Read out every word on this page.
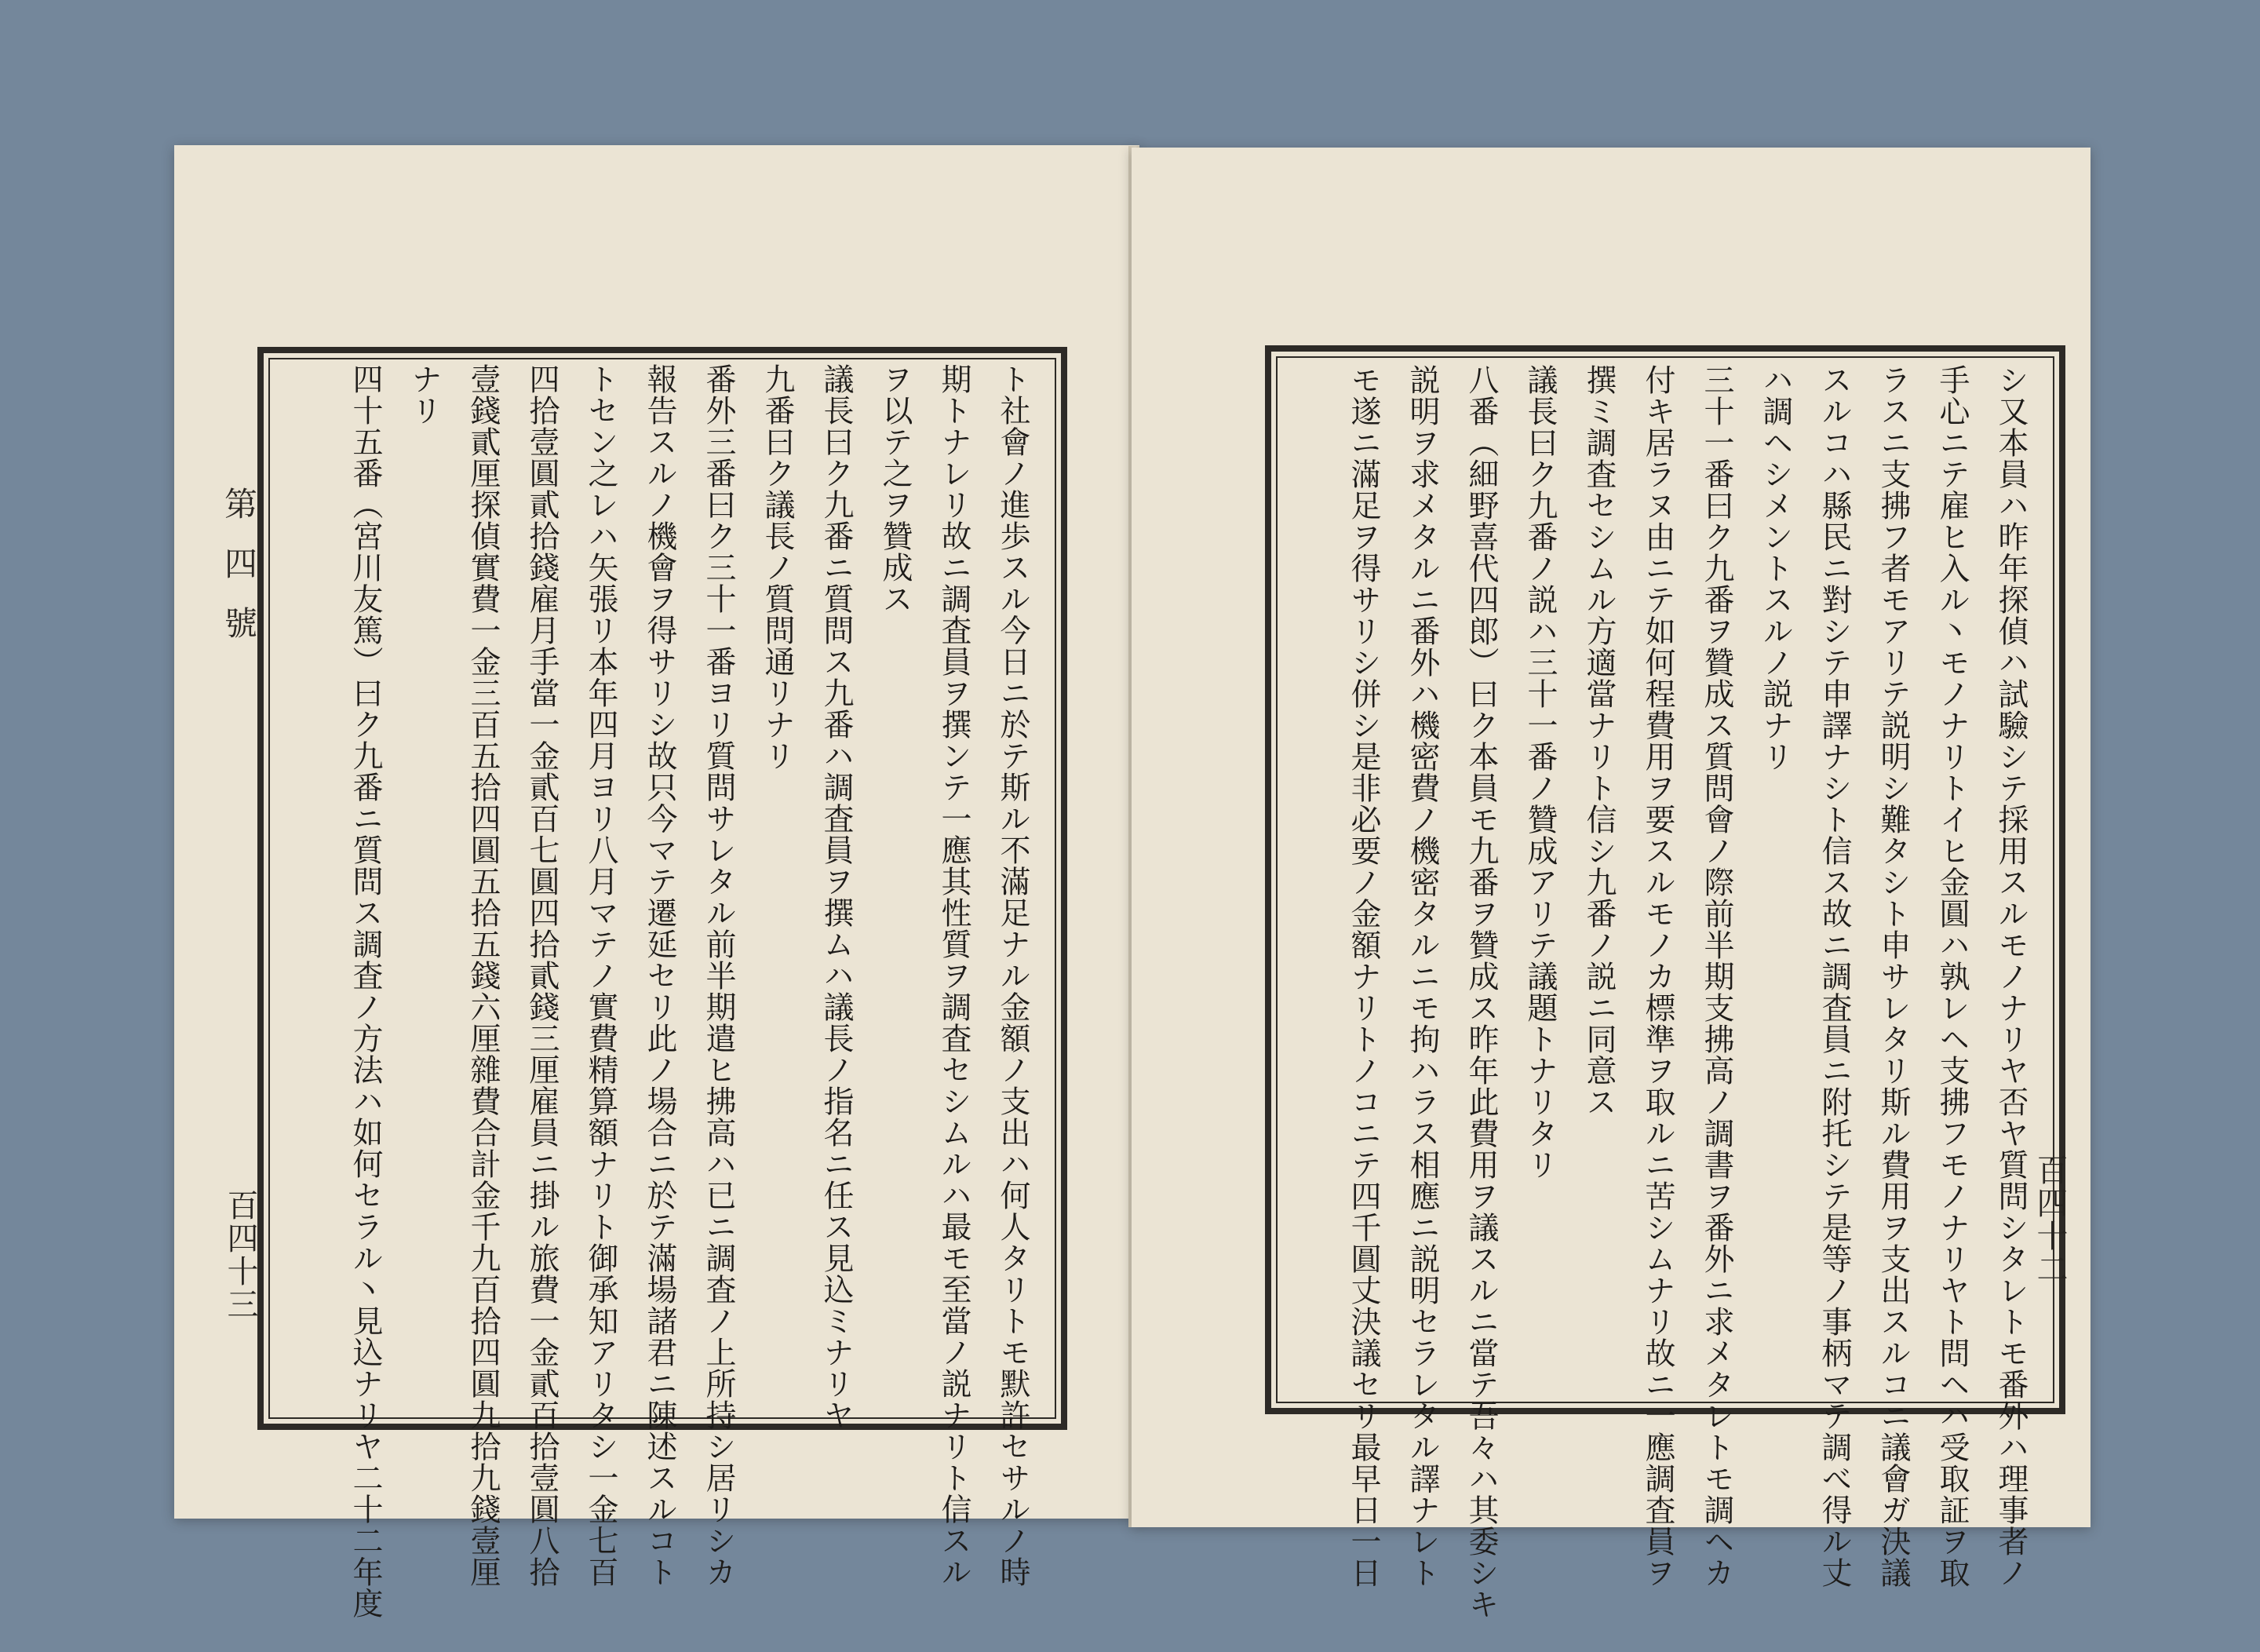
第四號
百四十三	ト社會ノ進歩スル今日ニ於テ斯ル不滿足ナル金額ノ支出ハ何人タリトモ默許セサルノ時
期トナレリ故ニ調査員ヲ撰ンテ一應其性質ヲ調査セシムルハ最モ至當ノ説ナリト信スル
ヲ以テ之ヲ贊成ス
議長曰ク九番ニ質問ス九番ハ調査員ヲ撰ムハ議長ノ指名ニ任ス見込ミナリヤ
九番曰ク議長ノ質問通リナリ
番外三番曰ク三十一番ヨリ質問サレタル前半期遣ヒ拂高ハ已ニ調査ノ上所持シ居リシカ
報告スルノ機會ヲ得サリシ故只今マテ遷延セリ此ノ場合ニ於テ滿場諸君ニ陳述スルコト
トセン之レハ矢張リ本年四月ヨリ八月マテノ實費精算額ナリト御承知アリタシ一金七百
四拾壹圓貳拾錢雇月手當一金貳百七圓四拾貳錢三厘雇員ニ掛ル旅費一金貳百拾壹圓八拾
壹錢貳厘探偵實費一金三百五拾四圓五拾五錢六厘雜費合計金千九百拾四圓九拾九錢壹厘
ナリ
四十五番（宮川友篤）曰ク九番ニ質問ス調査ノ方法ハ如何セラル丶見込ナリヤ二十二年度	百四十二
シ又本員ハ昨年探偵ハ試驗シテ採用スルモノナリヤ否ヤ質問シタレトモ番外ハ理事者ノ
手心ニテ雇ヒ入ル丶モノナリトイヒ金圓ハ孰レヘ支拂フモノナリヤト問ヘハ受取証ヲ取
ラスニ支拂フ者モアリテ説明シ難タシト申サレタリ斯ル費用ヲ支出スルコニ議會ガ決議
スルコハ縣民ニ對シテ申譯ナシト信ス故ニ調査員ニ附托シテ是等ノ事柄マテ調べ得ル丈
ハ調ヘシメントスルノ説ナリ
三十一番曰ク九番ヲ贊成ス質問會ノ際前半期支拂高ノ調書ヲ番外ニ求メタレトモ調ヘカ
付キ居ラヌ由ニテ如何程費用ヲ要スルモノカ標準ヲ取ルニ苦シムナリ故ニ一應調査員ヲ
撰ミ調査セシムル方適當ナリト信シ九番ノ説ニ同意ス
議長曰ク九番ノ説ハ三十一番ノ贊成アリテ議題トナリタリ
八番（細野喜代四郎）曰ク本員モ九番ヲ贊成ス昨年此費用ヲ議スルニ當テ吾々ハ其委シキ
説明ヲ求メタルニ番外ハ機密費ノ機密タルニモ拘ハラス相應ニ説明セラレタル譯ナレト
モ遂ニ滿足ヲ得サリシ併シ是非必要ノ金額ナリトノコニテ四千圓丈決議セリ最早日一日
